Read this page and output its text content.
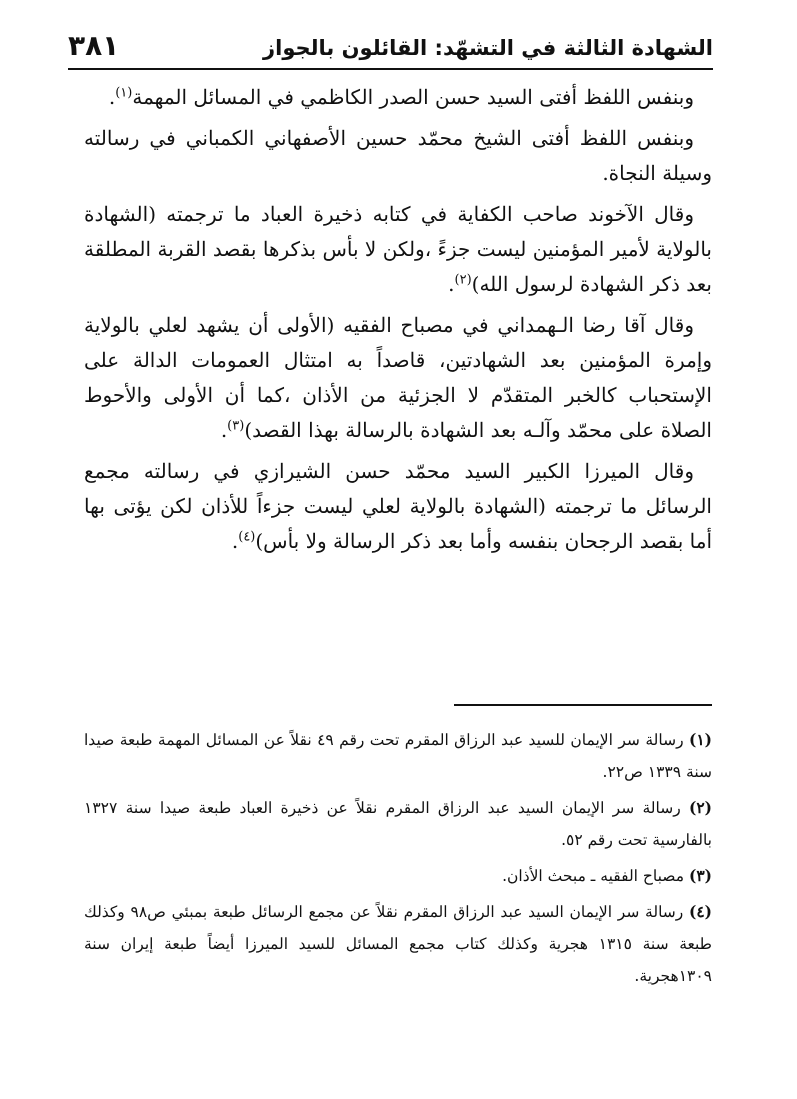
الشهادة الثالثة في التشهّد: القائلون بالجواز
٣٨١

وبنفس اللفظ أفتى السيد حسن الصدر الكاظمي في المسائل المهمة$^{(١)}$.

وبنفس اللفظ أفتى الشيخ محمّد حسين الأصفهاني الكمباني في رسالته وسيلة النجاة.

وقال الآخوند صاحب الكفاية في كتابه ذخيرة العباد ما ترجمته (الشهادة بالولاية لأمير المؤمنين ليست جزءً ،ولكن لا بأس بذكرها بقصد القربة المطلقة بعد ذكر الشهادة لرسول الله)$^{(٢)}$.

وقال آقا رضا الـهمداني في مصباح الفقيه (الأولى أن يشهد لعلي بالولاية وإمرة المؤمنين بعد الشهادتين، قاصداً به امتثال العمومات الدالة على الإستحباب كالخبر المتقدّم لا الجزئية من الأذان ،كما أن الأولى والأحوط الصلاة على محمّد وآلـه بعد الشهادة بالرسالة بهذا القصد)$^{(٣)}$.

وقال الميرزا الكبير السيد محمّد حسن الشيرازي في رسالته مجمع الرسائل ما ترجمته (الشهادة بالولاية لعلي ليست جزءاً للأذان لكن يؤتى بها أما بقصد الرجحان بنفسه وأما بعد ذكر الرسالة ولا بأس)$^{(٤)}$.

(١) رسالة سر الإيمان للسيد عبد الرزاق المقرم تحت رقم ٤٩ نقلاً عن المسائل المهمة طبعة صيدا سنة ١٣٣٩ ص٢٢.

(٢) رسالة سر الإيمان السيد عبد الرزاق المقرم نقلاً عن ذخيرة العباد طبعة صيدا سنة ١٣٢٧ بالفارسية تحت رقم ٥٢.

(٣) مصباح الفقيه ـ مبحث الأذان.

(٤) رسالة سر الإيمان السيد عبد الرزاق المقرم نقلاً عن مجمع الرسائل طبعة بمبئي ص٩٨ وكذلك طبعة سنة ١٣١٥ هجرية وكذلك كتاب مجمع المسائل للسيد الميرزا أيضاً طبعة إيران سنة ١٣٠٩هجرية.
